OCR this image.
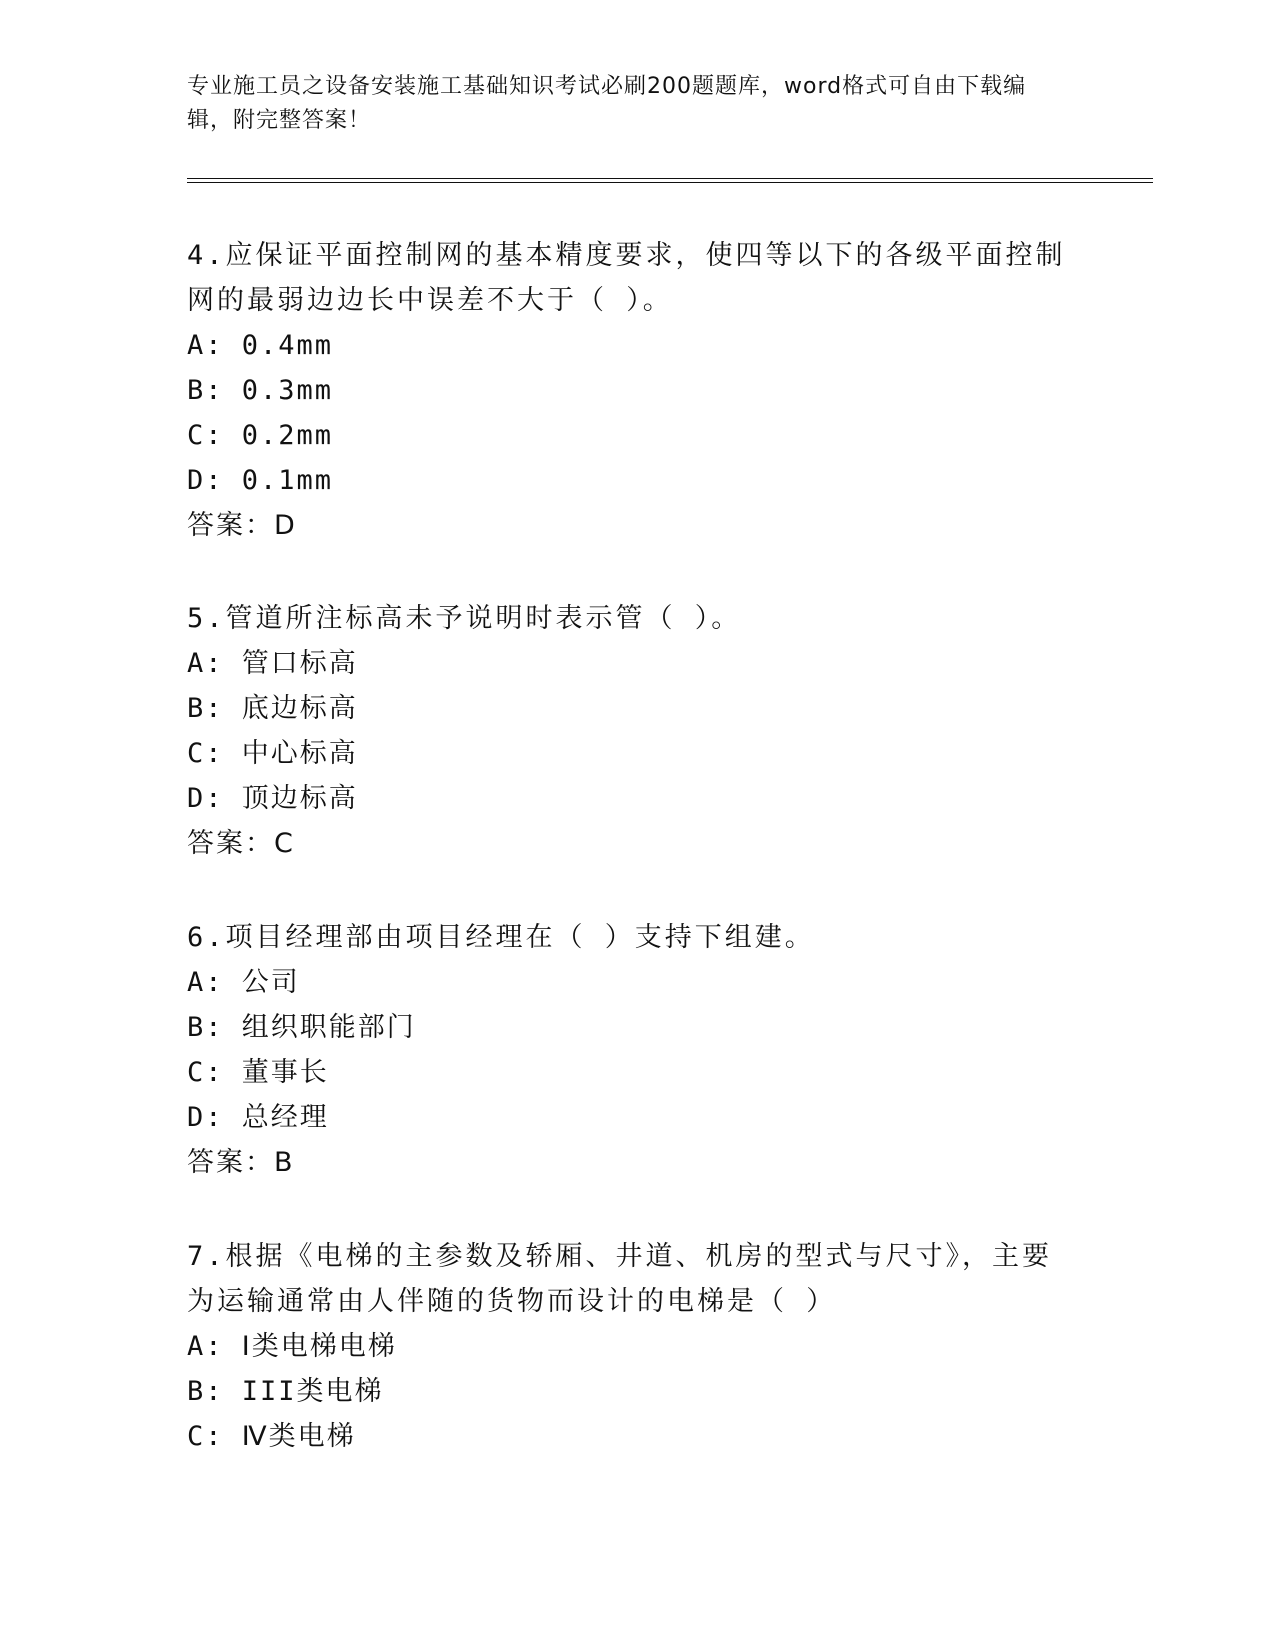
专业施工员之设备安装施工基础知识考试必刷200题题库，word格式可自由下载编辑，附完整答案！

4.应保证平面控制网的基本精度要求，使四等以下的各级平面控制网的最弱边边长中误差不大于（ ）。

A: 0.4mm

B: 0.3mm

C: 0.2mm

D: 0.1mm

答案：D

5.管道所注标高未予说明时表示管（ ）。

A: 管口标高

B: 底边标高

C: 中心标高

D: 顶边标高

答案：C

6.项目经理部由项目经理在（ ）支持下组建。

A: 公司

B: 组织职能部门

C: 董事长

D: 总经理

答案：B

7.根据《电梯的主参数及轿厢、井道、机房的型式与尺寸》，主要为运输通常由人伴随的货物而设计的电梯是（ ）

A: Ⅰ类电梯电梯

B: III类电梯

C: Ⅳ类电梯
